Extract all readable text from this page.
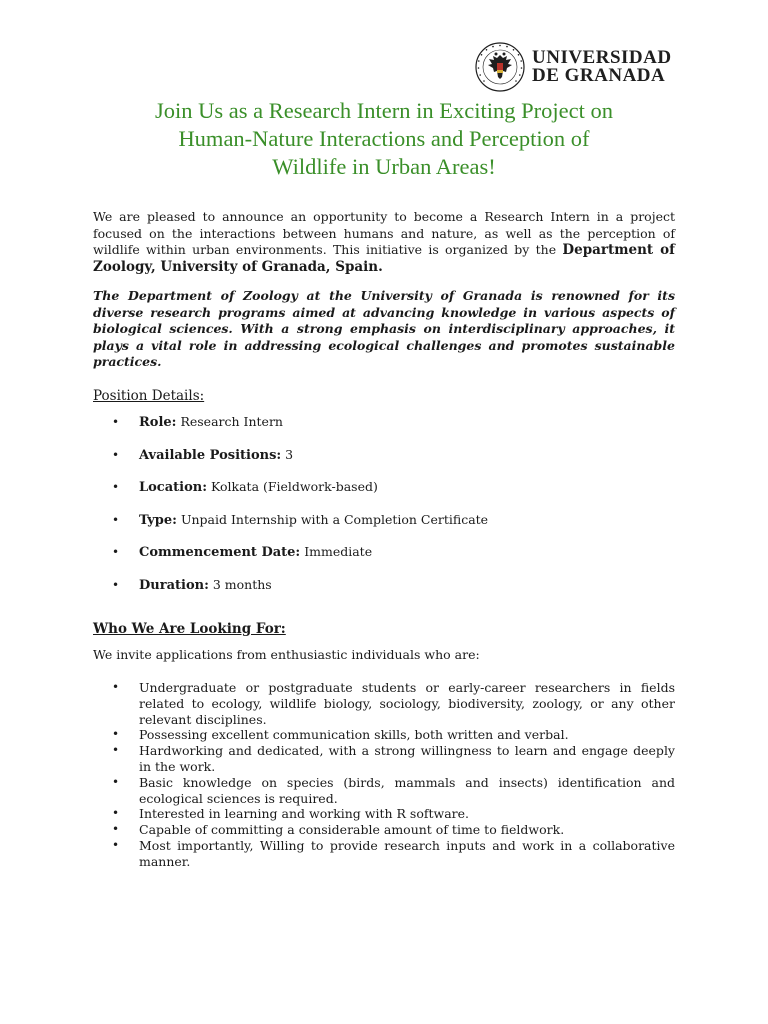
UNIVERSIDAD
DE GRANADA
Join Us as a Research Intern in Exciting Project on
Human-Nature Interactions and Perception of
Wildlife in Urban Areas!

We are pleased to announce an opportunity to become a Research Intern in a project focused on the interactions between humans and nature, as well as the perception of wildlife within urban environments. This initiative is organized by the Department of Zoology, University of Granada, Spain.

The Department of Zoology at the University of Granada is renowned for its diverse research programs aimed at advancing knowledge in various aspects of biological sciences. With a strong emphasis on interdisciplinary approaches, it plays a vital role in addressing ecological challenges and promotes sustainable practices.

Position Details:
• Role: Research Intern
• Available Positions: 3
• Location: Kolkata (Fieldwork-based)
• Type: Unpaid Internship with a Completion Certificate
• Commencement Date: Immediate
• Duration: 3 months
Who We Are Looking For:
We invite applications from enthusiastic individuals who are:
• Undergraduate or postgraduate students or early-career researchers in fields related to ecology, wildlife biology, sociology, biodiversity, zoology, or any other relevant disciplines.
• Possessing excellent communication skills, both written and verbal.
• Hardworking and dedicated, with a strong willingness to learn and engage deeply in the work.
• Basic knowledge on species (birds, mammals and insects) identification and ecological sciences is required.
• Interested in learning and working with R software.
• Capable of committing a considerable amount of time to fieldwork.
• Most importantly, Willing to provide research inputs and work in a collaborative manner.
